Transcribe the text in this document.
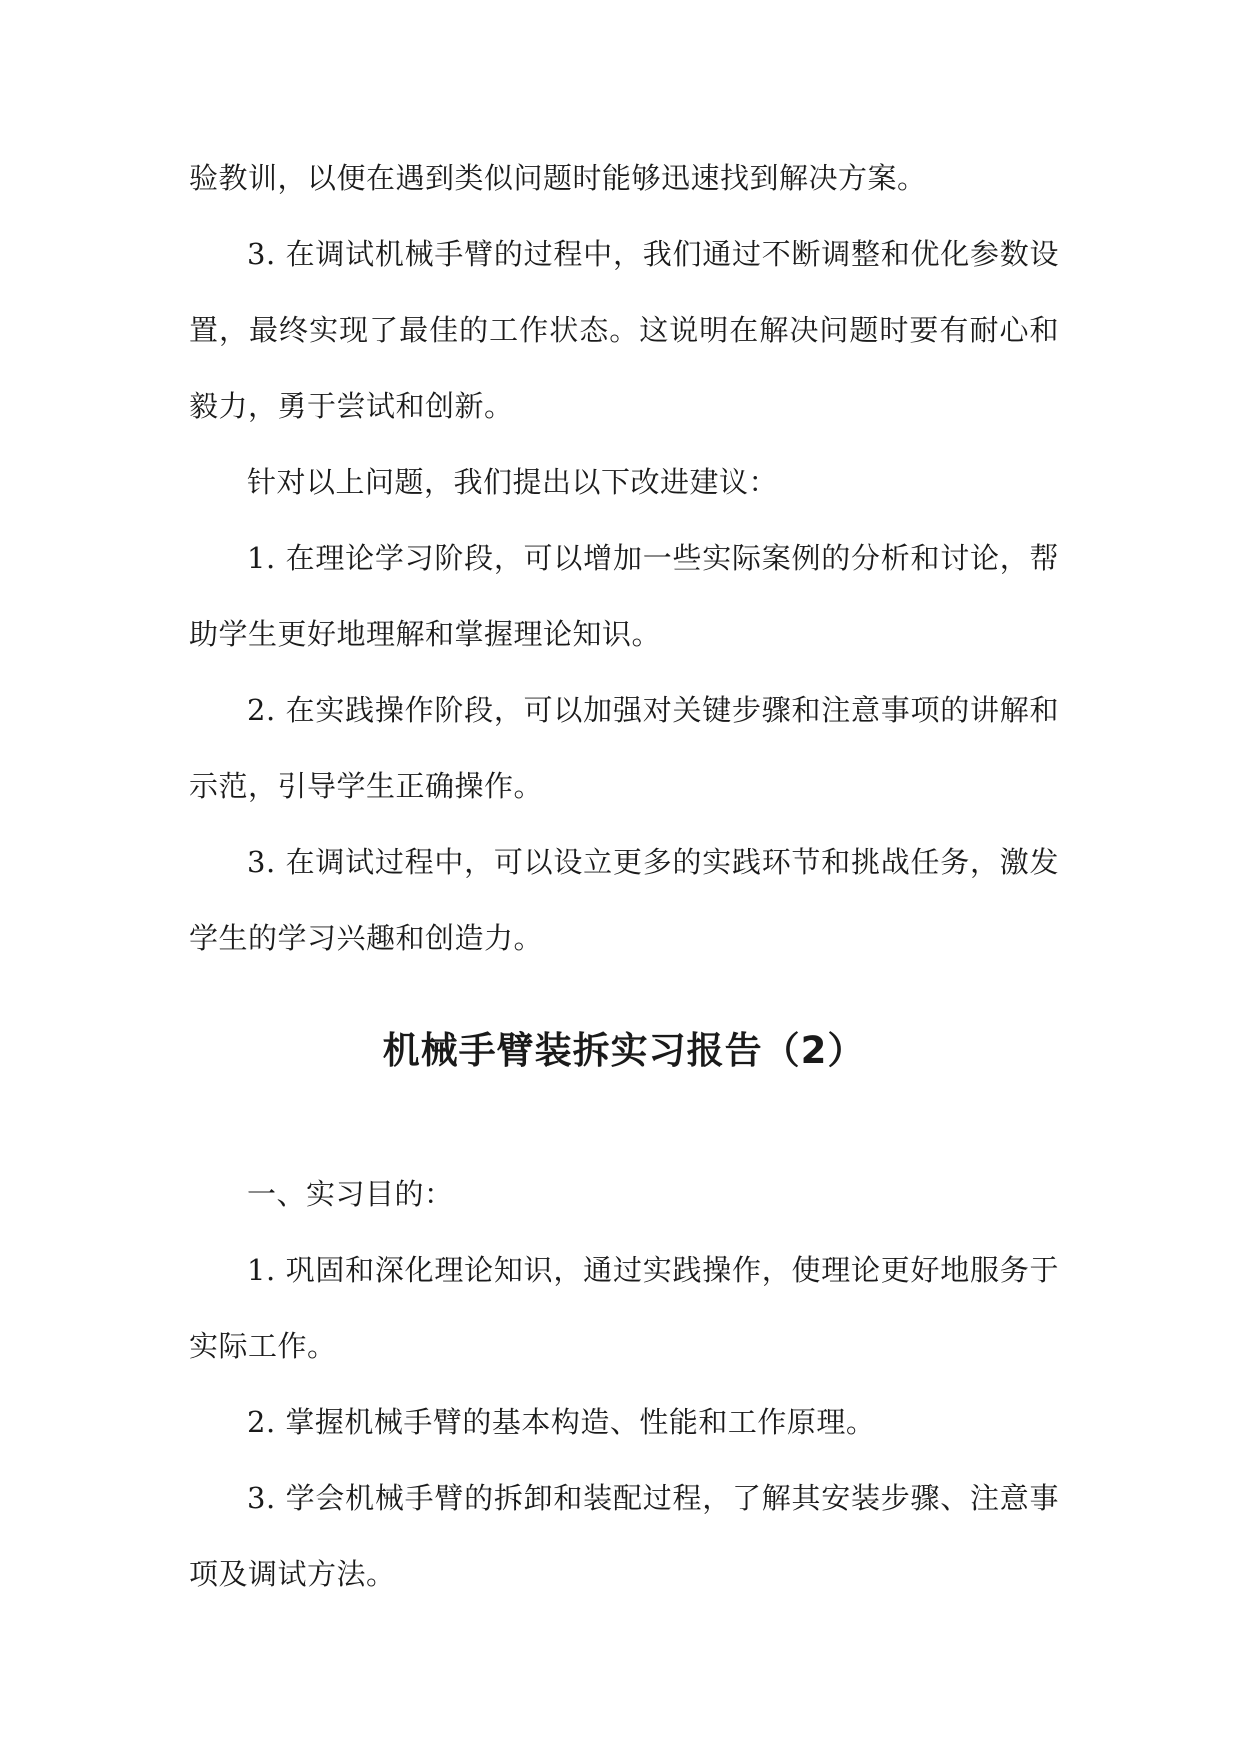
验教训，以便在遇到类似问题时能够迅速找到解决方案。

3. 在调试机械手臂的过程中，我们通过不断调整和优化参数设置，最终实现了最佳的工作状态。这说明在解决问题时要有耐心和毅力，勇于尝试和创新。

针对以上问题，我们提出以下改进建议：

1. 在理论学习阶段，可以增加一些实际案例的分析和讨论，帮助学生更好地理解和掌握理论知识。

2. 在实践操作阶段，可以加强对关键步骤和注意事项的讲解和示范，引导学生正确操作。

3. 在调试过程中，可以设立更多的实践环节和挑战任务，激发学生的学习兴趣和创造力。

机械手臂装拆实习报告（2）

一、实习目的：

1. 巩固和深化理论知识，通过实践操作，使理论更好地服务于实际工作。

2. 掌握机械手臂的基本构造、性能和工作原理。

3. 学会机械手臂的拆卸和装配过程，了解其安装步骤、注意事项及调试方法。
